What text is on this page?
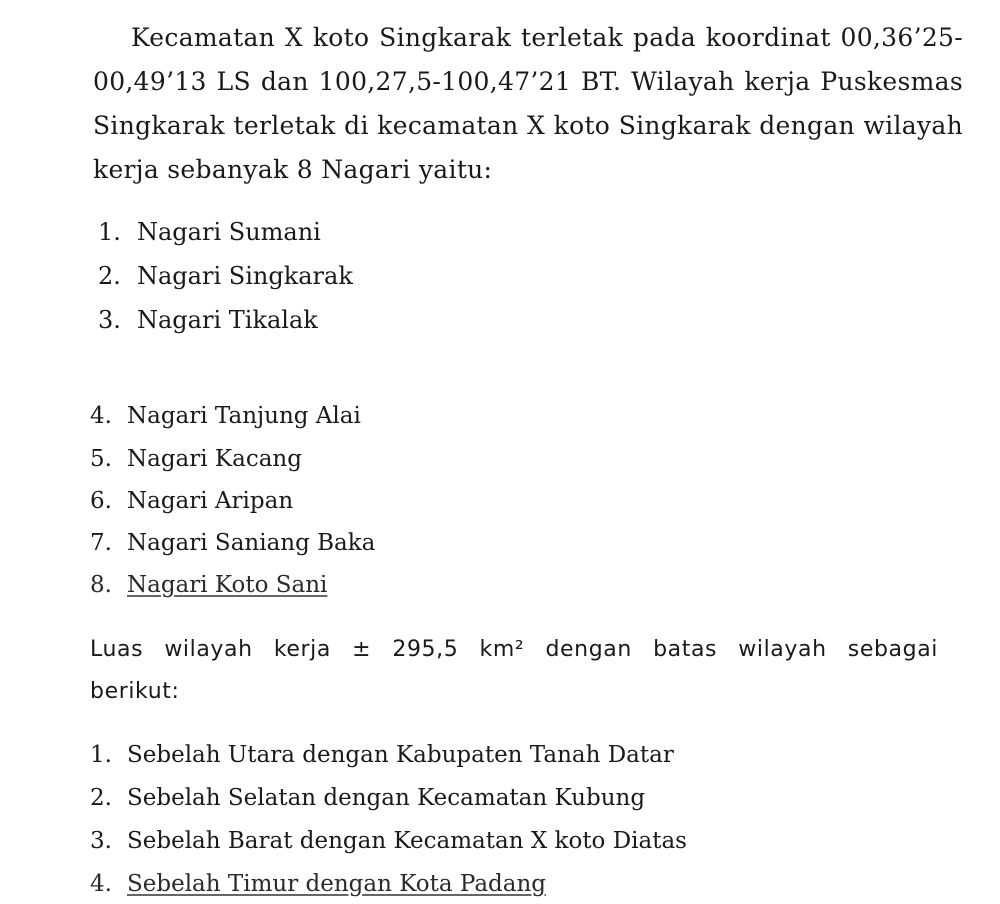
Kecamatan X koto Singkarak terletak pada koordinat 00,36’25-00,49’13 LS dan 100,27,5-100,47’21 BT. Wilayah kerja Puskesmas Singkarak terletak di kecamatan X koto Singkarak dengan wilayah kerja sebanyak 8 Nagari yaitu:

1. Nagari Sumani
2. Nagari Singkarak
3. Nagari Tikalak
4. Nagari Tanjung Alai
5. Nagari Kacang
6. Nagari Aripan
7. Nagari Saniang Baka
8. Nagari Koto Sani

Luas wilayah kerja ± 295,5 km² dengan batas wilayah sebagai berikut:

1. Sebelah Utara dengan Kabupaten Tanah Datar
2. Sebelah Selatan dengan Kecamatan Kubung
3. Sebelah Barat dengan Kecamatan X koto Diatas
4. Sebelah Timur dengan Kota Padang
